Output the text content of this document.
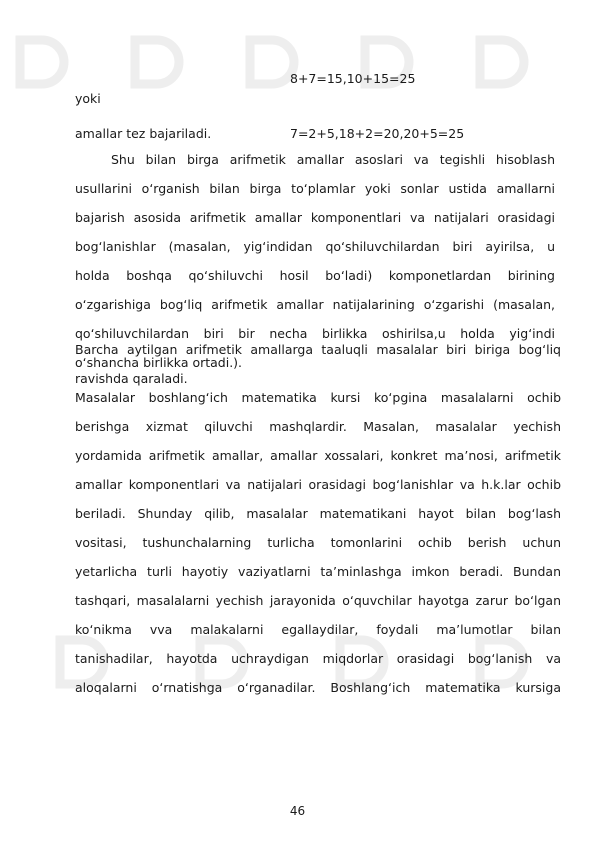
8+7=15,10+15=25
yoki
amallar tez bajariladi.	7=2+5,18+2=20,20+5=25
Shu bilan birga arifmetik amallar asoslari va tegishli hisoblash
usullarini o‘rganish bilan birga to‘plamlar yoki sonlar ustida amallarni
bajarish asosida arifmetik amallar komponentlari va natijalari orasidagi
bog‘lanishlar (masalan, yig‘indidan qo‘shiluvchilardan biri ayirilsa, u
holda boshqa qo‘shiluvchi hosil bo‘ladi) komponetlardan birining
o‘zgarishiga bog‘liq arifmetik amallar natijalarining o‘zgarishi (masalan,
qo‘shiluvchilardan biri bir necha birlikka oshirilsa,u holda yig‘indi
o‘shancha birlikka ortadi.).
Barcha aytilgan arifmetik amallarga taaluqli masalalar biri biriga bog‘liq
ravishda qaraladi.
Masalalar boshlang‘ich matematika kursi ko‘pgina masalalarni ochib
berishga xizmat qiluvchi mashqlardir. Masalan, masalalar yechish
yordamida arifmetik amallar, amallar xossalari, konkret ma’nosi, arifmetik
amallar komponentlari va natijalari orasidagi bog‘lanishlar va h.k.lar ochib
beriladi. Shunday qilib, masalalar matematikani hayot bilan bog‘lash
vositasi, tushunchalarning turlicha tomonlarini ochib berish uchun
yetarlicha turli hayotiy vaziyatlarni ta’minlashga imkon beradi. Bundan
tashqari, masalalarni yechish jarayonida o‘quvchilar hayotga zarur bo‘lgan
ko‘nikma vva malakalarni egallaydilar, foydali ma’lumotlar bilan
tanishadilar, hayotda uchraydigan miqdorlar orasidagi bog‘lanish va
aloqalarni o‘rnatishga o‘rganadilar. Boshlang‘ich matematika kursiga
46
